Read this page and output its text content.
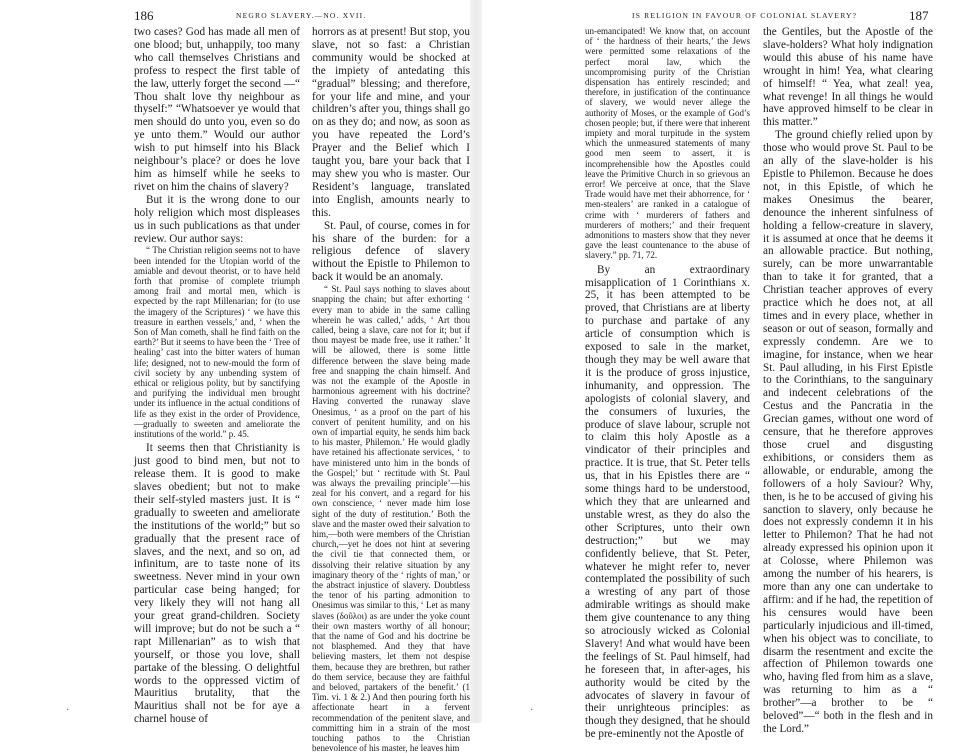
186	NEGRO SLAVERY.—NO. XVII.

two cases? God has made all men of one blood; but, unhappily, too many who call themselves Christians and profess to respect the first table of the law, utterly forget the second —“ Thou shalt love thy neighbour as thyself:” “Whatsoever ye would that men should do unto you, even so do ye unto them.” Would our author wish to put himself into his Black neighbour’s place? or does he love him as himself while he seeks to rivet on him the chains of slavery?

But it is the wrong done to our holy religion which most displeases us in such publications as that under review. Our author says:

“ The Christian religion seems not to have been intended for the Utopian world of the amiable and devout theorist, or to have held forth that promise of complete triumph among frail and mortal men, which is expected by the rapt Millenarian; for (to use the imagery of the Scriptures) ‘ we have this treasure in earthen vessels,’ and, ‘ when the Son of Man cometh, shall he find faith on the earth?’ But it seems to have been the ‘ Tree of healing’ cast into the bitter waters of human life; designed, not to new-mould the form of civil society by any unbending system of ethical or religious polity, but by sanctifying and purifying the individual men brought under its influence in the actual conditions of life as they exist in the order of Providence,—gradually to sweeten and ameliorate the institutions of the world.” p. 45.

It seems then that Christianity is just good to bind men, but not to release them. It is good to make slaves obedient; but not to make their self-styled masters just. It is “ gradually to sweeten and ameliorate the institutions of the world;” but so gradually that the present race of slaves, and the next, and so on, ad infinitum, are to taste none of its sweetness. Never mind in your own particular case being hanged; for very likely they will not hang all your great grand-children. Society will improve; but do not be such a “ rapt Millenarian” as to wish that yourself, or those you love, shall partake of the blessing. O delightful words to the oppressed victim of Mauritius brutality, that the Mauritius shall not be for aye a charnel house of

horrors as at present! But stop, you slave, not so fast: a Christian community would be shocked at the impiety of antedating this “gradual” blessing; and therefore, for your life and mine, and your children’s after you, things shall go on as they do; and now, as soon as you have repeated the Lord’s Prayer and the Belief which I taught you, bare your back that I may shew you who is master. Our Resident’s language, translated into English, amounts nearly to this.

St. Paul, of course, comes in for his share of the burden: for a religious defence of slavery without the Epistle to Philemon to back it would be an anomaly.

“ St. Paul says nothing to slaves about snapping the chain; but after exhorting ‘ every man to abide in the same calling wherein he was called,’ adds, ‘ Art thou called, being a slave, care not for it; but if thou mayest be made free, use it rather.’ It will be allowed, there is some little difference between the slave being made free and snapping the chain himself. And was not the example of the Apostle in harmonious agreement with his doctrine? Having converted the runaway slave Onesimus, ‘ as a proof on the part of his convert of penitent humility, and on his own of impartial equity, he sends him back to his master, Philemon.’ He would gladly have retained his affectionate services, ‘ to have ministered unto him in the bonds of the Gospel;’ but ‘ rectitude with St. Paul was always the prevailing principle’—his zeal for his convert, and a regard for his own conscience, ‘ never made him lose sight of the duty of restitution.’ Both the slave and the master owed their salvation to him,—both were members of the Christian church,—yet he does not hint at severing the civil tie that connected them, or dissolving their relative situation by any imaginary theory of the ‘ rights of man,’ or the abstract injustice of slavery. Doubtless the tenor of his parting admonition to Onesimus was similar to this, ‘ Let as many slaves (δοῦλοι) as are under the yoke count their own masters worthy of all honour; that the name of God and his doctrine be not blasphemed. And they that have believing masters, let them not despise them, because they are brethren, but rather do them service, because they are faithful and beloved, partakers of the benefit.’ (1 Tim. vi. 1 & 2.) And then pouring forth his affectionate heart in a fervent recommendation of the penitent slave, and committing him in a strain of the most touching pathos to the Christian benevolence of his master, he leaves him

IS RELIGION IN FAVOUR OF COLONIAL SLAVERY?	187

un-emancipated! We know that, on account of ‘ the hardness of their hearts,’ the Jews were permitted some relaxations of the perfect moral law, which the uncompromising purity of the Christian dispensation has entirely rescinded; and therefore, in justification of the continuance of slavery, we would never allege the authority of Moses, or the example of God’s chosen people; but, if there were that inherent impiety and moral turpitude in the system which the unmeasured statements of many good men seem to assert, it is incomprehensible how the Apostles could leave the Primitive Church in so grievous an error! We perceive at once, that the Slave Trade would have met their abhorrence, for ‘ men-stealers’ are ranked in a catalogue of crime with ‘ murderers of fathers and murderers of mothers;’ and their frequent admonitions to masters show that they never gave the least countenance to the abuse of slavery.” pp. 71, 72.

By an extraordinary misapplication of 1 Corinthians x. 25, it has been attempted to be proved, that Christians are at liberty to purchase and partake of any article of consumption which is exposed to sale in the market, though they may be well aware that it is the produce of gross injustice, inhumanity, and oppression. The apologists of colonial slavery, and the consumers of luxuries, the produce of slave labour, scruple not to claim this holy Apostle as a vindicator of their principles and practice. It is true, that St. Peter tells us, that in his Epistles there are “ some things hard to be understood, which they that are unlearned and unstable wrest, as they do also the other Scriptures, unto their own destruction;” but we may confidently believe, that St. Peter, whatever he might refer to, never contemplated the possibility of such a wresting of any part of those admirable writings as should make them give countenance to any thing so atrociously wicked as Colonial Slavery! And what would have been the feelings of St. Paul himself, had he foreseen that, in after-ages, his authority would be cited by the advocates of slavery in favour of their unrighteous principles: as though they designed, that he should be pre-eminently not the Apostle of

the Gentiles, but the Apostle of the slave-holders? What holy indignation would this abuse of his name have wrought in him! Yea, what clearing of himself! “ Yea, what zeal! yea, what revenge! In all things he would have approved himself to be clear in this matter.”

The ground chiefly relied upon by those who would prove St. Paul to be an ally of the slave-holder is his Epistle to Philemon. Because he does not, in this Epistle, of which he makes Onesimus the bearer, denounce the inherent sinfulness of holding a fellow-creature in slavery, it is assumed at once that he deems it an allowable practice. But nothing, surely, can be more unwarrantable than to take it for granted, that a Christian teacher approves of every practice which he does not, at all times and in every place, whether in season or out of season, formally and expressly condemn. Are we to imagine, for instance, when we hear St. Paul alluding, in his First Epistle to the Corinthians, to the sanguinary and indecent celebrations of the Cestus and the Pancratia in the Grecian games, without one word of censure, that he therefore approves those cruel and disgusting exhibitions, or considers them as allowable, or endurable, among the followers of a holy Saviour? Why, then, is he to be accused of giving his sanction to slavery, only because he does not expressly condemn it in his letter to Philemon? That he had not already expressed his opinion upon it at Colosse, where Philemon was among the number of his hearers, is more than any one can undertake to affirm: and if he had, the repetition of his censures would have been particularly injudicious and ill-timed, when his object was to conciliate, to disarm the resentment and excite the affection of Philemon towards one who, having fled from him as a slave, was returning to him as a “ brother”—a brother to be “ beloved”—“ both in the flesh and in the Lord.”

·	·
